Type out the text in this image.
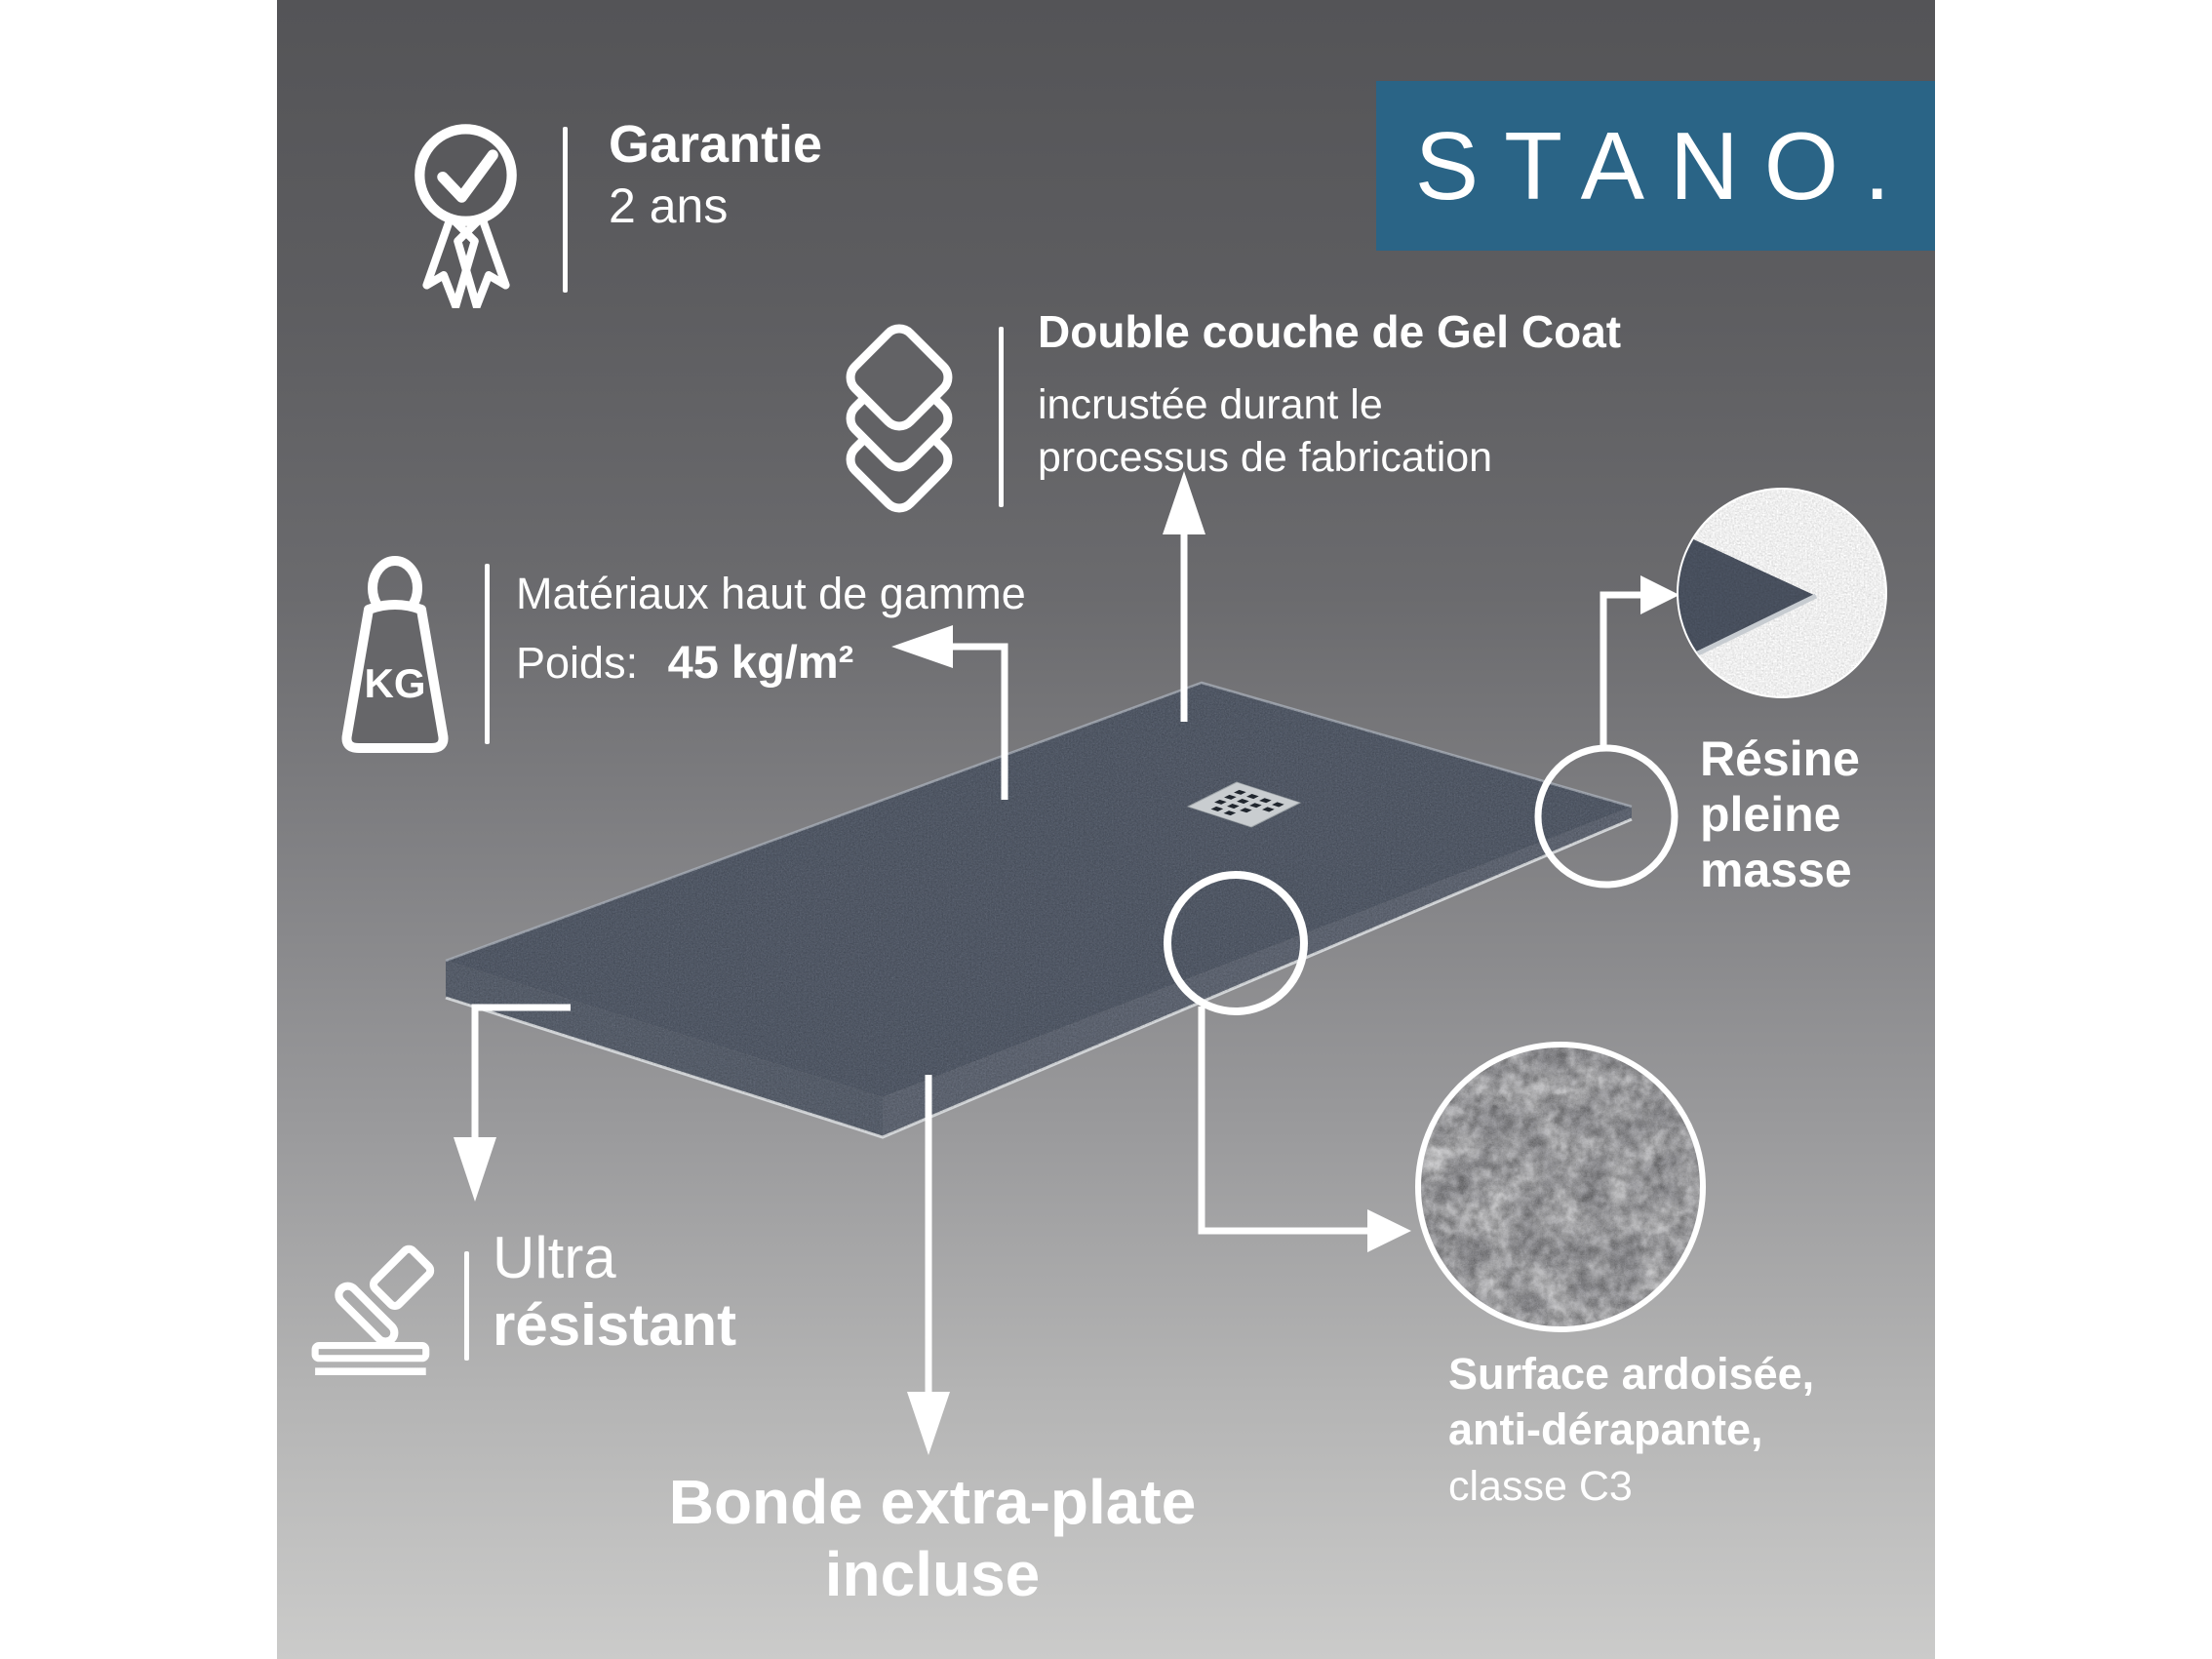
Garantie
2 ans	STANO.
Double couche de Gel Coat
incrustée durant le
processus de fabrication
KG
Matériaux haut de gamme
Poids: 45 kg/m²
Résine
pleine
masse
Ultra
résistant
Surface ardoisée,
anti-dérapante,
classe C3
Bonde extra-plate incluse
